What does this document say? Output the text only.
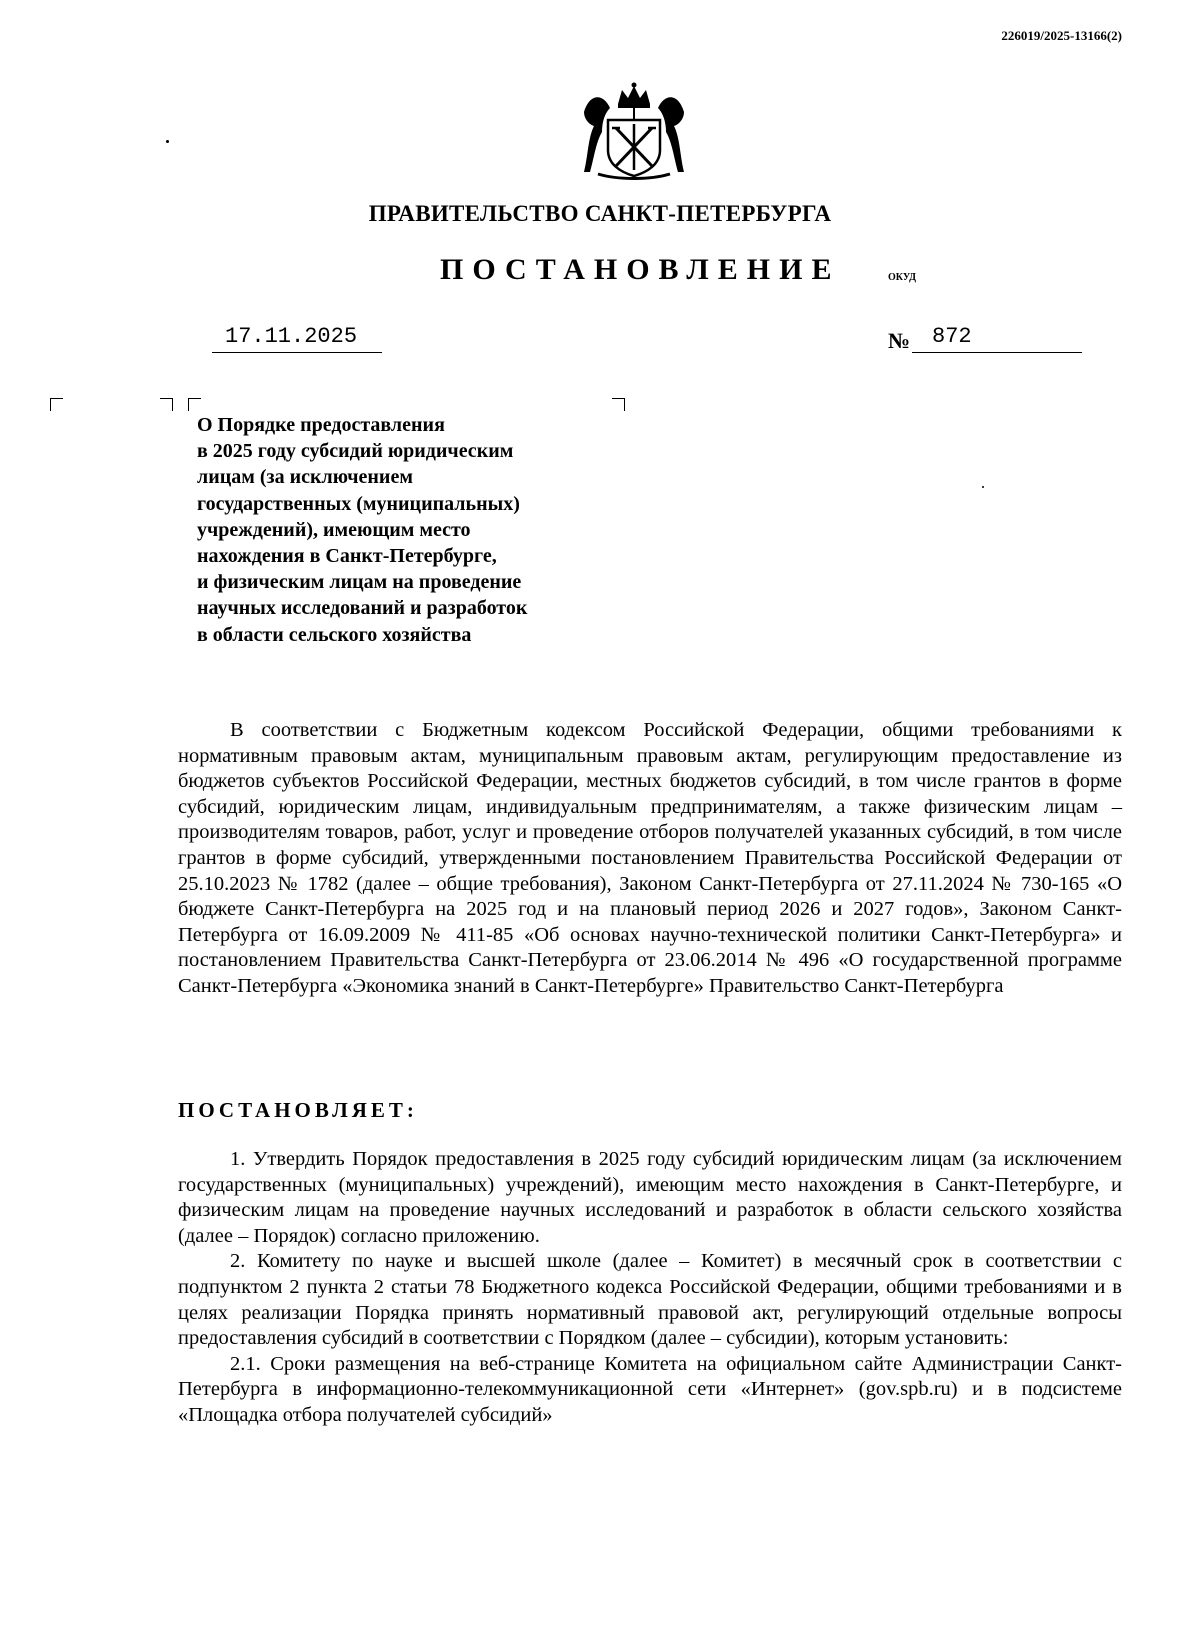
226019/2025-13166(2)
ПРАВИТЕЛЬСТВО САНКТ-ПЕТЕРБУРГА
ПОСТАНОВЛЕНИЕ	ОКУД
17.11.2025	№ 872
О Порядке предоставления
в 2025 году субсидий юридическим
лицам (за исключением
государственных (муниципальных)
учреждений), имеющим место
нахождения в Санкт-Петербурге,
и физическим лицам на проведение
научных исследований и разработок
в области сельского хозяйства

В соответствии с Бюджетным кодексом Российской Федерации, общими требованиями к нормативным правовым актам, муниципальным правовым актам, регулирующим предоставление из бюджетов субъектов Российской Федерации, местных бюджетов субсидий, в том числе грантов в форме субсидий, юридическим лицам, индивидуальным предпринимателям, а также физическим лицам – производителям товаров, работ, услуг и проведение отборов получателей указанных субсидий, в том числе грантов в форме субсидий, утвержденными постановлением Правительства Российской Федерации от 25.10.2023 № 1782 (далее – общие требования), Законом Санкт-Петербурга от 27.11.2024 № 730-165 «О бюджете Санкт-Петербурга на 2025 год и на плановый период 2026 и 2027 годов», Законом Санкт-Петербурга от 16.09.2009 № 411-85 «Об основах научно-технической политики Санкт-Петербурга» и постановлением Правительства Санкт-Петербурга от 23.06.2014 № 496 «О государственной программе Санкт-Петербурга «Экономика знаний в Санкт-Петербурге» Правительство Санкт-Петербурга

ПОСТАНОВЛЯЕТ:

1. Утвердить Порядок предоставления в 2025 году субсидий юридическим лицам (за исключением государственных (муниципальных) учреждений), имеющим место нахождения в Санкт-Петербурге, и физическим лицам на проведение научных исследований и разработок в области сельского хозяйства (далее – Порядок) согласно приложению.

2. Комитету по науке и высшей школе (далее – Комитет) в месячный срок в соответствии с подпунктом 2 пункта 2 статьи 78 Бюджетного кодекса Российской Федерации, общими требованиями и в целях реализации Порядка принять нормативный правовой акт, регулирующий отдельные вопросы предоставления субсидий в соответствии с Порядком (далее – субсидии), которым установить:

2.1. Сроки размещения на веб-странице Комитета на официальном сайте Администрации Санкт-Петербурга в информационно-телекоммуникационной сети «Интернет» (gov.spb.ru) и в подсистеме «Площадка отбора получателей субсидий»
